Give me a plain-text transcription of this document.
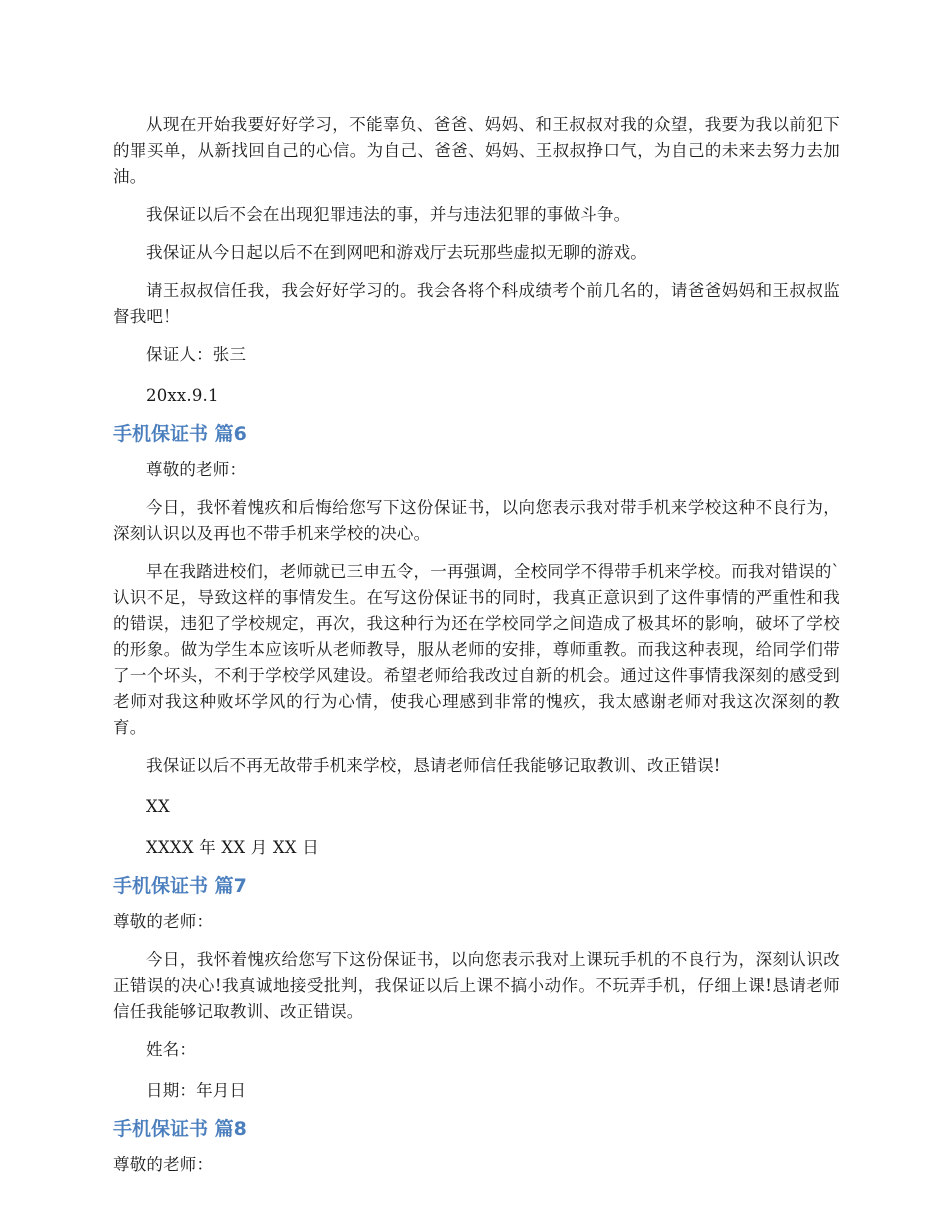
从现在开始我要好好学习，不能辜负、爸爸、妈妈、和王叔叔对我的众望，我要为我以前犯下的罪买单，从新找回自己的心信。为自己、爸爸、妈妈、王叔叔挣口气，为自己的未来去努力去加油。

我保证以后不会在出现犯罪违法的事，并与违法犯罪的事做斗争。

我保证从今日起以后不在到网吧和游戏厅去玩那些虚拟无聊的游戏。

请王叔叔信任我，我会好好学习的。我会各将个科成绩考个前几名的，请爸爸妈妈和王叔叔监督我吧！

保证人：张三

20xx.9.1

手机保证书 篇6

尊敬的老师：

今日，我怀着愧疚和后悔给您写下这份保证书，以向您表示我对带手机来学校这种不良行为，深刻认识以及再也不带手机来学校的决心。

早在我踏进校们，老师就已三申五令，一再强调，全校同学不得带手机来学校。而我对错误的`认识不足，导致这样的事情发生。在写这份保证书的同时，我真正意识到了这件事情的严重性和我的错误，违犯了学校规定，再次，我这种行为还在学校同学之间造成了极其坏的影响，破坏了学校的形象。做为学生本应该听从老师教导，服从老师的安排，尊师重教。而我这种表现，给同学们带了一个坏头，不利于学校学风建设。希望老师给我改过自新的机会。通过这件事情我深刻的感受到老师对我这种败坏学风的行为心情，使我心理感到非常的愧疚，我太感谢老师对我这次深刻的教育。

我保证以后不再无故带手机来学校，恳请老师信任我能够记取教训、改正错误!

XX

XXXX 年 XX 月 XX 日

手机保证书 篇7

尊敬的老师：

今日，我怀着愧疚给您写下这份保证书，以向您表示我对上课玩手机的不良行为，深刻认识改正错误的决心!我真诚地接受批判，我保证以后上课不搞小动作。不玩弄手机，仔细上课!恳请老师信任我能够记取教训、改正错误。

姓名：

日期：年月日

手机保证书 篇8

尊敬的老师：
